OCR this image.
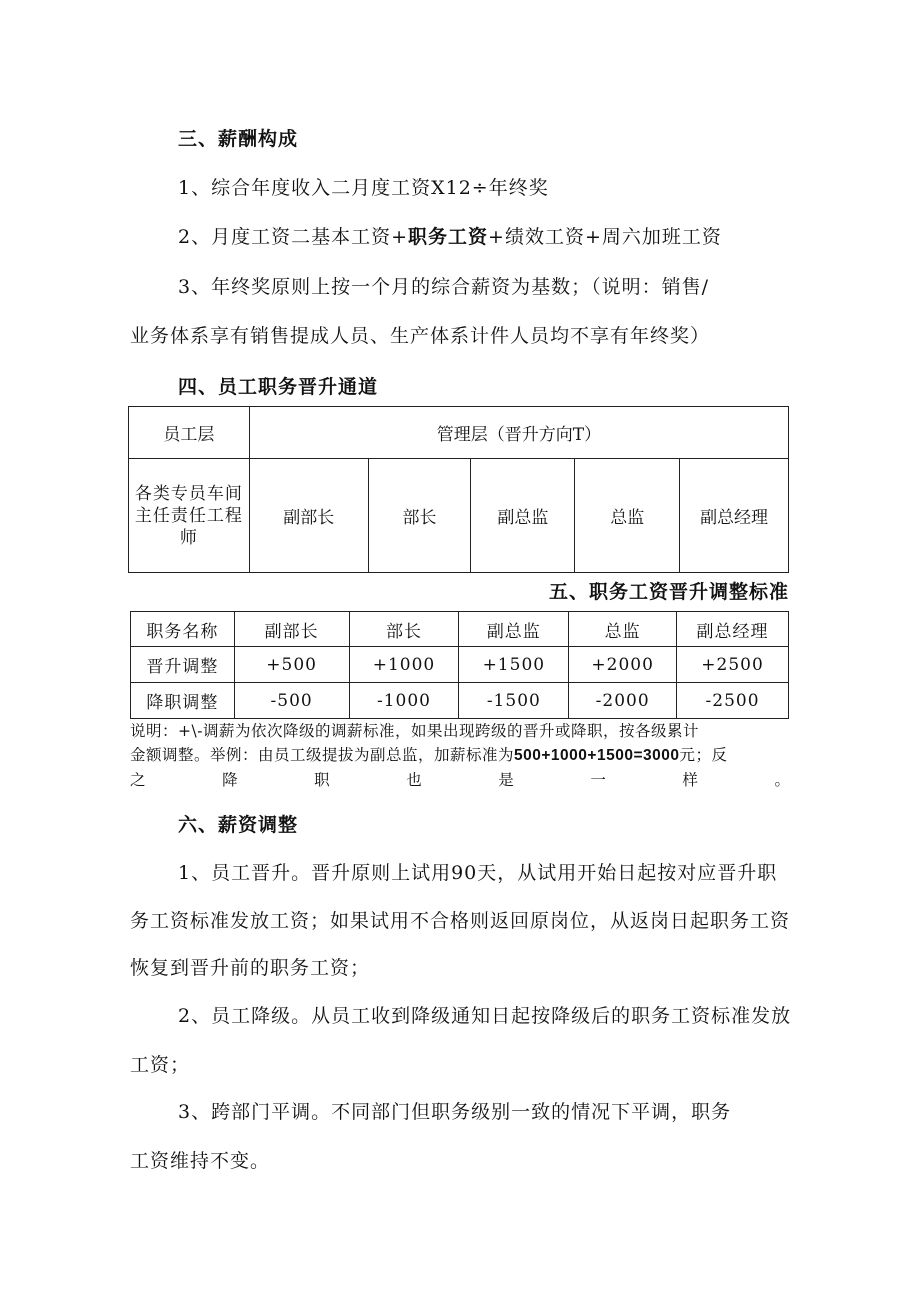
三、薪酬构成
1、综合年度收入二月度工资X12÷年终奖
2、月度工资二基本工资+职务工资+绩效工资+周六加班工资
3、年终奖原则上按一个月的综合薪资为基数；（说明：销售/
业务体系享有销售提成人员、生产体系计件人员均不享有年终奖）
四、员工职务晋升通道
员工层	管理层（晋升方向T）				

各类专员车间
主任责任工程
师	副部长	部长	副总监	总监	副总经理
五、职务工资晋升调整标准
职务名称	副部长	部长	副总监	总监	副总经理
晋升调整	+500	+1000	+1500	+2000	+2500
降职调整	-500	-1000	-1500	-2000	-2500
说明：+\-调薪为依次降级的调薪标准，如果出现跨级的晋升或降职，按各级累计
金额调整。举例：由员工级提拔为副总监，加薪标准为500+1000+1500=3000元；反
之	降	职	也	是	一	样	。
六、薪资调整
1、员工晋升。晋升原则上试用90天，从试用开始日起按对应晋升职
务工资标准发放工资；如果试用不合格则返回原岗位，从返岗日起职务工资
恢复到晋升前的职务工资；
2、员工降级。从员工收到降级通知日起按降级后的职务工资标准发放
工资；
3、跨部门平调。不同部门但职务级别一致的情况下平调，职务
工资维持不变。
